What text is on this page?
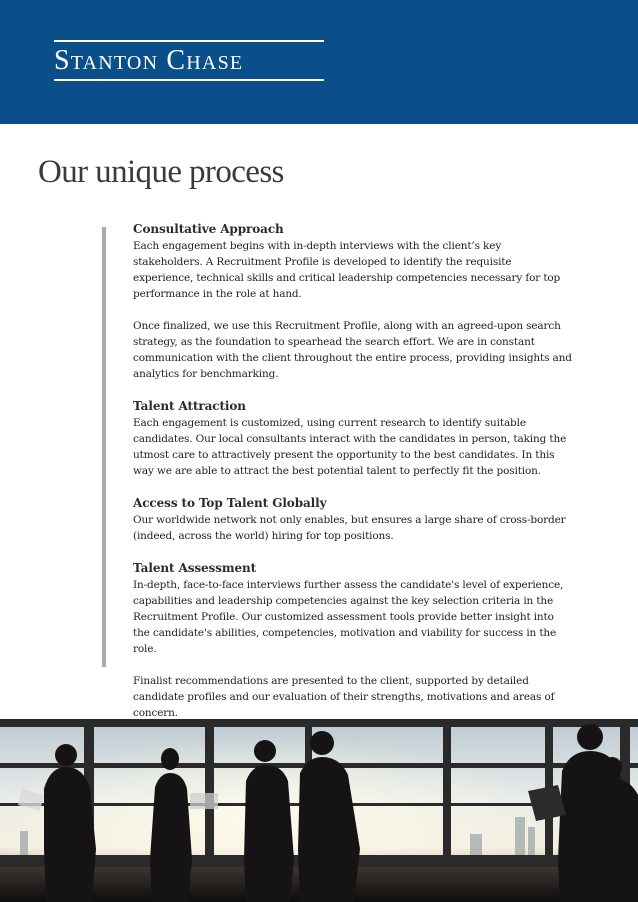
Stanton Chase
Our unique process
Consultative Approach

Each engagement begins with in-depth interviews with the client’s key stakeholders. A Recruitment Profile is developed to identify the requisite experience, technical skills and critical leadership competencies necessary for top performance in the role at hand.

Once finalized, we use this Recruitment Profile, along with an agreed-upon search strategy, as the foundation to spearhead the search effort. We are in constant communication with the client throughout the entire process, providing insights and analytics for benchmarking.

Talent Attraction

Each engagement is customized, using current research to identify suitable candidates. Our local consultants interact with the candidates in person, taking the utmost care to attractively present the opportunity to the best candidates. In this way we are able to attract the best potential talent to perfectly fit the position.

Access to Top Talent Globally

Our worldwide network not only enables, but ensures a large share of cross-border (indeed, across the world) hiring for top positions.

Talent Assessment

In-depth, face-to-face interviews further assess the candidate's level of experience, capabilities and leadership competencies against the key selection criteria in the Recruitment Profile. Our customized assessment tools provide better insight into the candidate's abilities, competencies, motivation and viability for success in the role.

Finalist recommendations are presented to the client, supported by detailed candidate profiles and our evaluation of their strengths, motivations and areas of concern.
